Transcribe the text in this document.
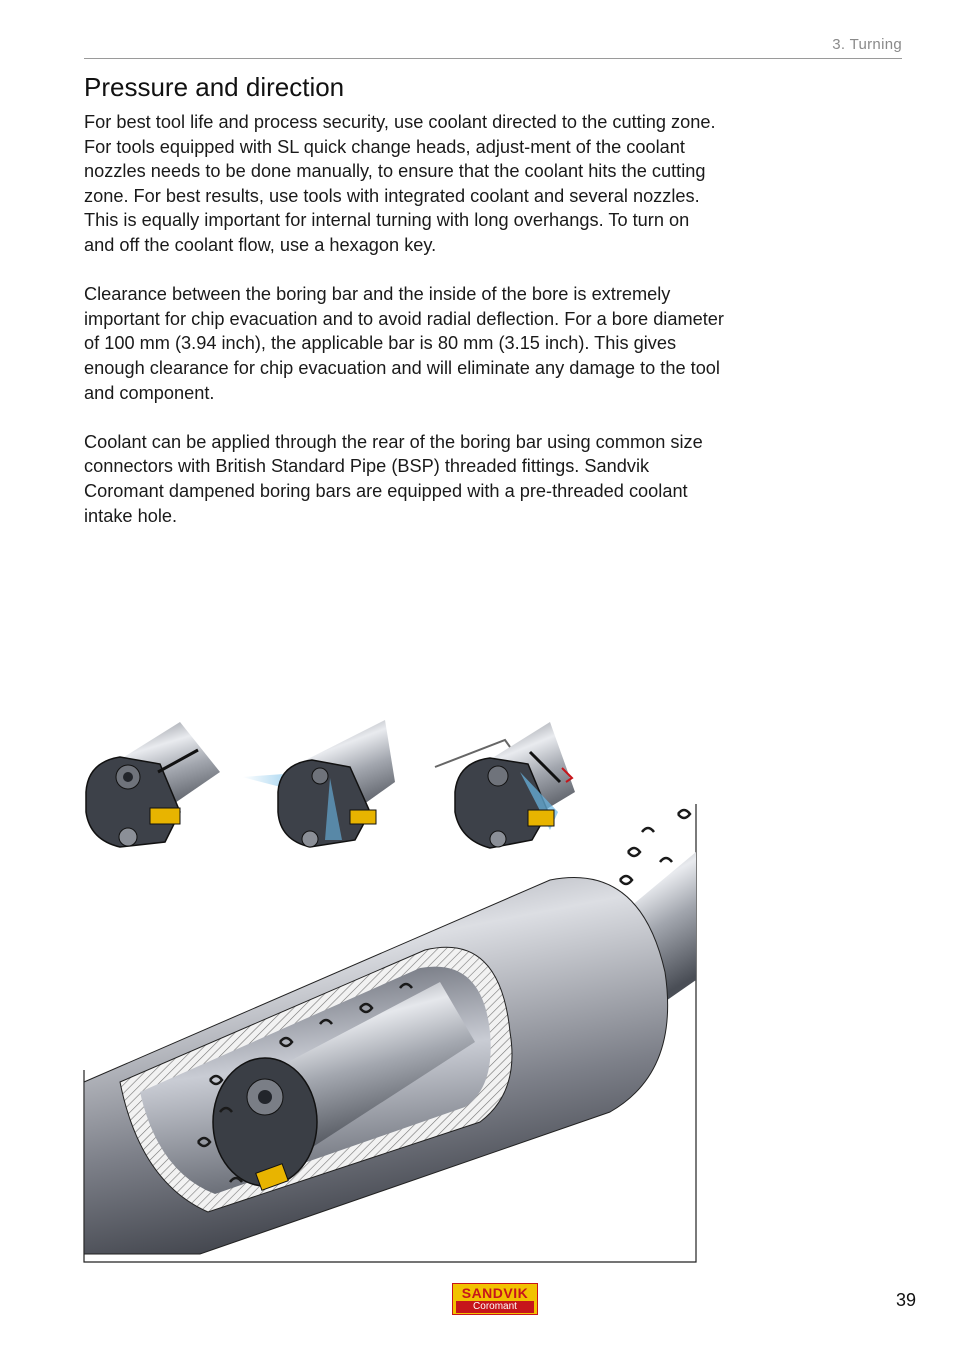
3. Turning
Pressure and direction

For best tool life and process security, use coolant directed to the cutting zone. For tools equipped with SL quick change heads, adjust-ment of the coolant nozzles needs to be done manually, to ensure that the coolant hits the cutting zone. For best results, use tools with integrated coolant and several nozzles. This is equally important for internal turning with long overhangs. To turn on and off the coolant flow, use a hexagon key.

Clearance between the boring bar and the inside of the bore is extremely important for chip evacuation and to avoid radial deflection. For a bore diameter of 100 mm (3.94 inch), the applicable bar is 80 mm (3.15 inch). This gives enough clearance for chip evacuation and will eliminate any damage to the tool and component.

Coolant can be applied through the rear of the boring bar using common size connectors with British Standard Pipe (BSP) threaded fittings. Sandvik Coromant dampened boring bars are equipped with a pre-threaded coolant intake hole.

SANDVIK
Coromant	39
